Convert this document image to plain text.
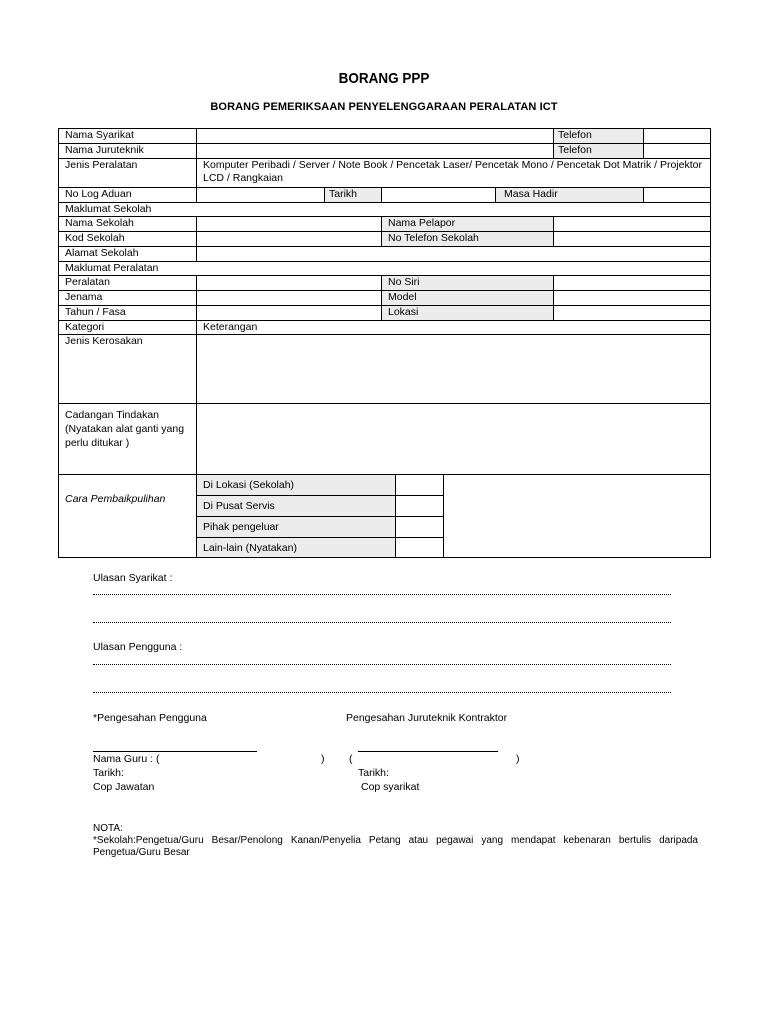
BORANG PPP
BORANG PEMERIKSAAN PENYELENGGARAAN PERALATAN ICT
Nama Syarikat		Telefon	
Nama Juruteknik		Telefon	
Jenis Peralatan	Komputer Peribadi / Server / Note Book / Pencetak Laser/ Pencetak Mono / Pencetak Dot Matrik / Projektor LCD / Rangkaian
No Log Aduan		Tarikh		Masa Hadir	
Maklumat Sekolah
Nama Sekolah		Nama Pelapor	
Kod Sekolah		No Telefon Sekolah	
Alamat Sekolah	
Maklumat Peralatan
Peralatan		No Siri	
Jenama		Model	
Tahun / Fasa		Lokasi	
Kategori	Keterangan
Jenis Kerosakan	
Cadangan Tindakan (Nyatakan alat ganti yang perlu ditukar )	
Cara Pembaikpulihan	
Di Lokasi (Sekolah)	
Di Pusat Servis	
Pihak pengeluar	
Lain-lain (Nyatakan)	
Ulasan Syarikat :
Ulasan Pengguna :
*Pengesahan Pengguna	Pengesahan Juruteknik Kontraktor
Nama Guru : (	) (	)
Tarikh:	Tarikh:
Cop Jawatan	Cop syarikat
NOTA:
*Sekolah:Pengetua/Guru Besar/Penolong Kanan/Penyelia Petang atau pegawai yang mendapat kebenaran bertulis daripada Pengetua/Guru Besar
